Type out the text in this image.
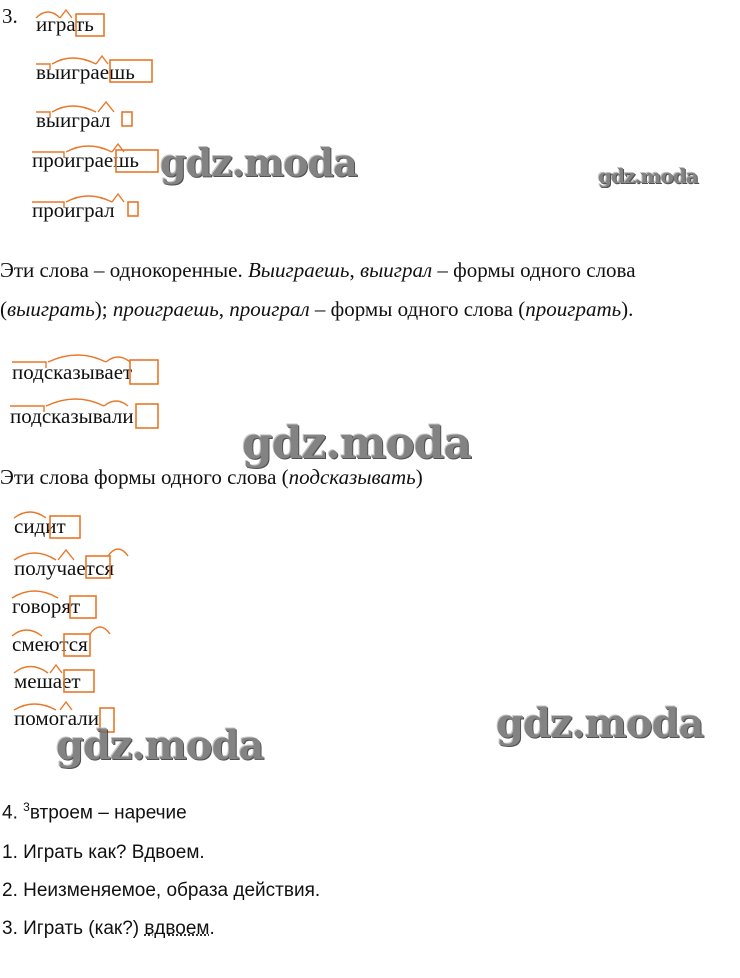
3. играть
выиграешь
выиграл
проиграешь
проиграл
Эти слова – однокоренные. Выиграешь, выиграл – формы одного слова
(выиграть); проиграешь, проиграл – формы одного слова (проиграть).
подсказывает
подсказывали
Эти слова формы одного слова (подсказывать)
сидит
получается
говорят
смеются
мешает
помогали
4. $^3$втроем – наречие
1. Играть как? Вдвоем.
2. Неизменяемое, образа действия.
3. Играть (как?) вдвоем.
gdz.moda	gdz.moda
gdz.moda
gdz.moda
gdz.moda
